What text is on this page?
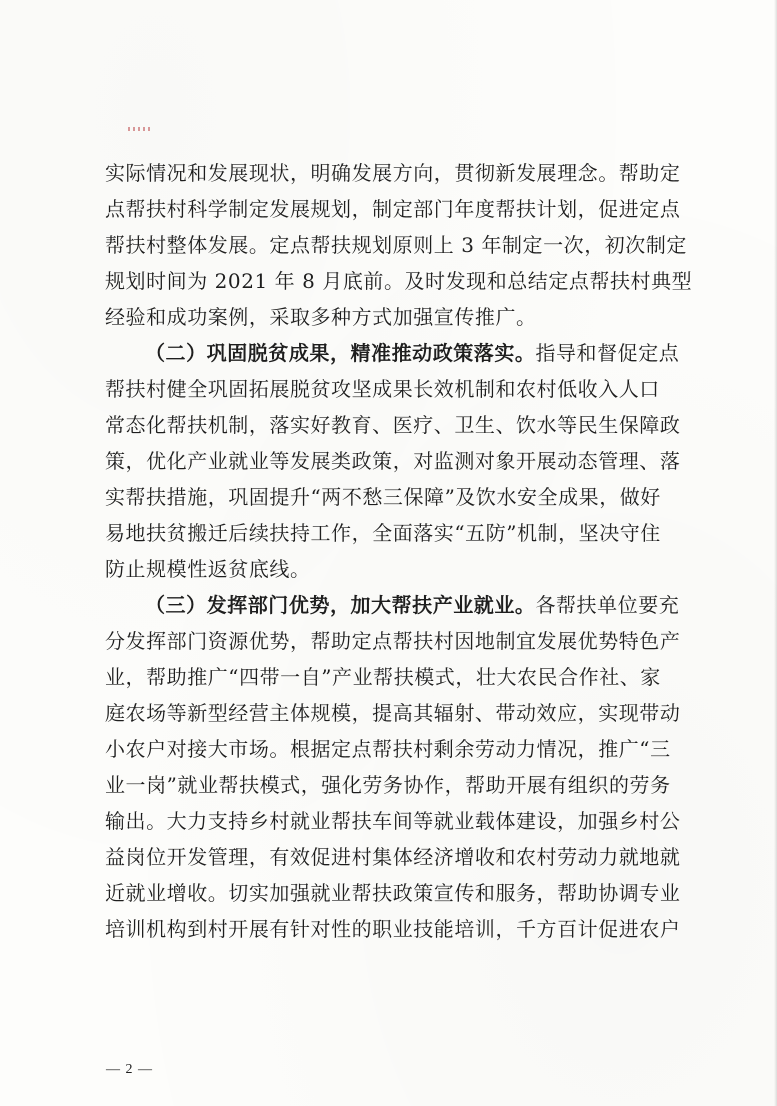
实际情况和发展现状，明确发展方向，贯彻新发展理念。帮助定
点帮扶村科学制定发展规划，制定部门年度帮扶计划，促进定点
帮扶村整体发展。定点帮扶规划原则上 3 年制定一次，初次制定
规划时间为 2021 年 8 月底前。及时发现和总结定点帮扶村典型
经验和成功案例，采取多种方式加强宣传推广。
（二）巩固脱贫成果，精准推动政策落实。指导和督促定点
帮扶村健全巩固拓展脱贫攻坚成果长效机制和农村低收入人口
常态化帮扶机制，落实好教育、医疗、卫生、饮水等民生保障政
策，优化产业就业等发展类政策，对监测对象开展动态管理、落
实帮扶措施，巩固提升“两不愁三保障”及饮水安全成果，做好
易地扶贫搬迁后续扶持工作，全面落实“五防”机制，坚决守住
防止规模性返贫底线。
（三）发挥部门优势，加大帮扶产业就业。各帮扶单位要充
分发挥部门资源优势，帮助定点帮扶村因地制宜发展优势特色产
业，帮助推广“四带一自”产业帮扶模式，壮大农民合作社、家
庭农场等新型经营主体规模，提高其辐射、带动效应，实现带动
小农户对接大市场。根据定点帮扶村剩余劳动力情况，推广“三
业一岗”就业帮扶模式，强化劳务协作，帮助开展有组织的劳务
输出。大力支持乡村就业帮扶车间等就业载体建设，加强乡村公
益岗位开发管理，有效促进村集体经济增收和农村劳动力就地就
近就业增收。切实加强就业帮扶政策宣传和服务，帮助协调专业
培训机构到村开展有针对性的职业技能培训，千方百计促进农户
— 2 —
